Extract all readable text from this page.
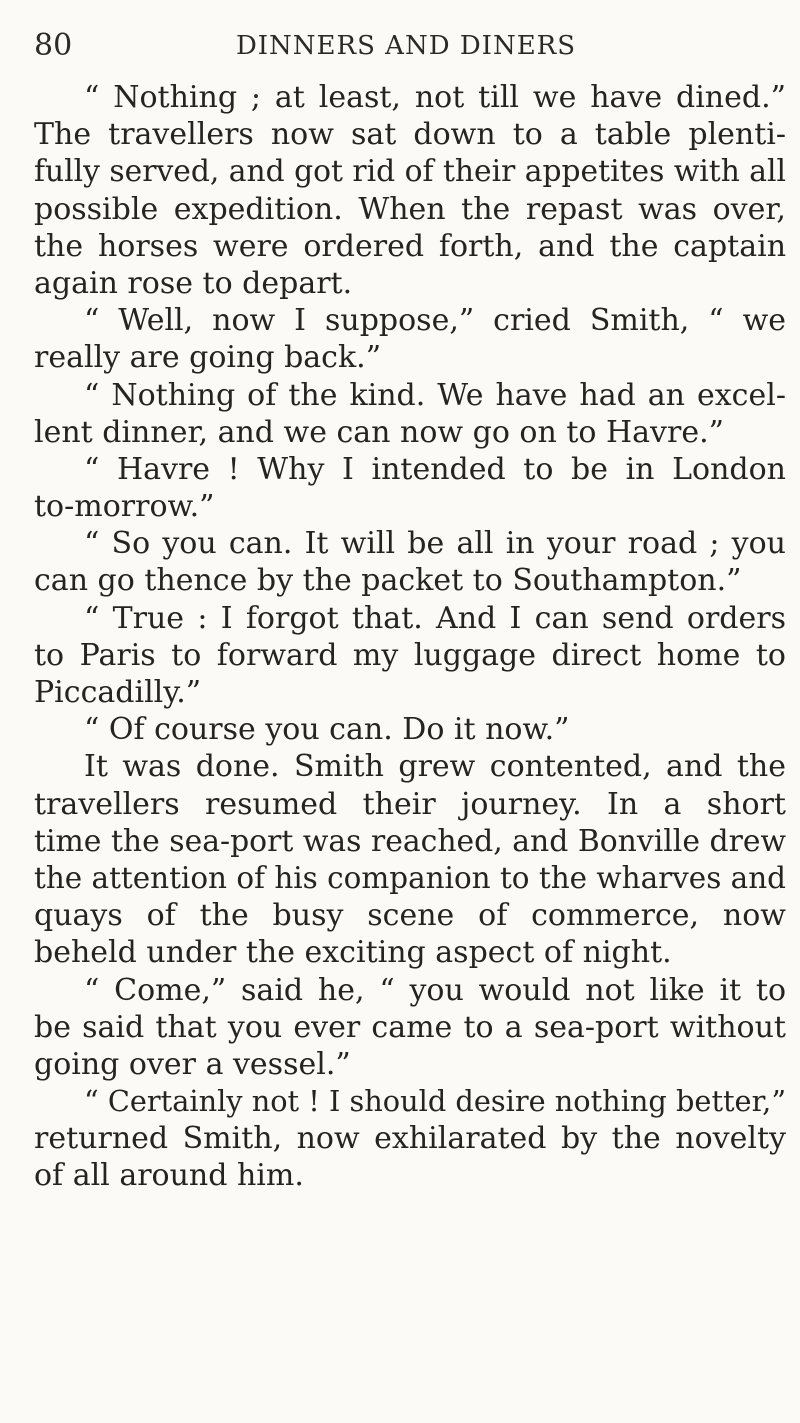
80	DINNERS AND DINERS
“ Nothing ; at least, not till we have dined.”
The travellers now sat down to a table plenti-
fully served, and got rid of their appetites with all
possible expedition. When the repast was over,
the horses were ordered forth, and the captain
again rose to depart.
“ Well, now I suppose,” cried Smith, “ we
really are going back.”
“ Nothing of the kind. We have had an excel-
lent dinner, and we can now go on to Havre.”
“ Havre ! Why I intended to be in London
to-morrow.”
“ So you can. It will be all in your road ; you
can go thence by the packet to Southampton.”
“ True : I forgot that. And I can send orders
to Paris to forward my luggage direct home to
Piccadilly.”
“ Of course you can. Do it now.”
It was done. Smith grew contented, and the
travellers resumed their journey. In a short
time the sea-port was reached, and Bonville drew
the attention of his companion to the wharves and
quays of the busy scene of commerce, now
beheld under the exciting aspect of night.
“ Come,” said he, “ you would not like it to
be said that you ever came to a sea-port without
going over a vessel.”
“ Certainly not ! I should desire nothing better,”
returned Smith, now exhilarated by the novelty
of all around him.
